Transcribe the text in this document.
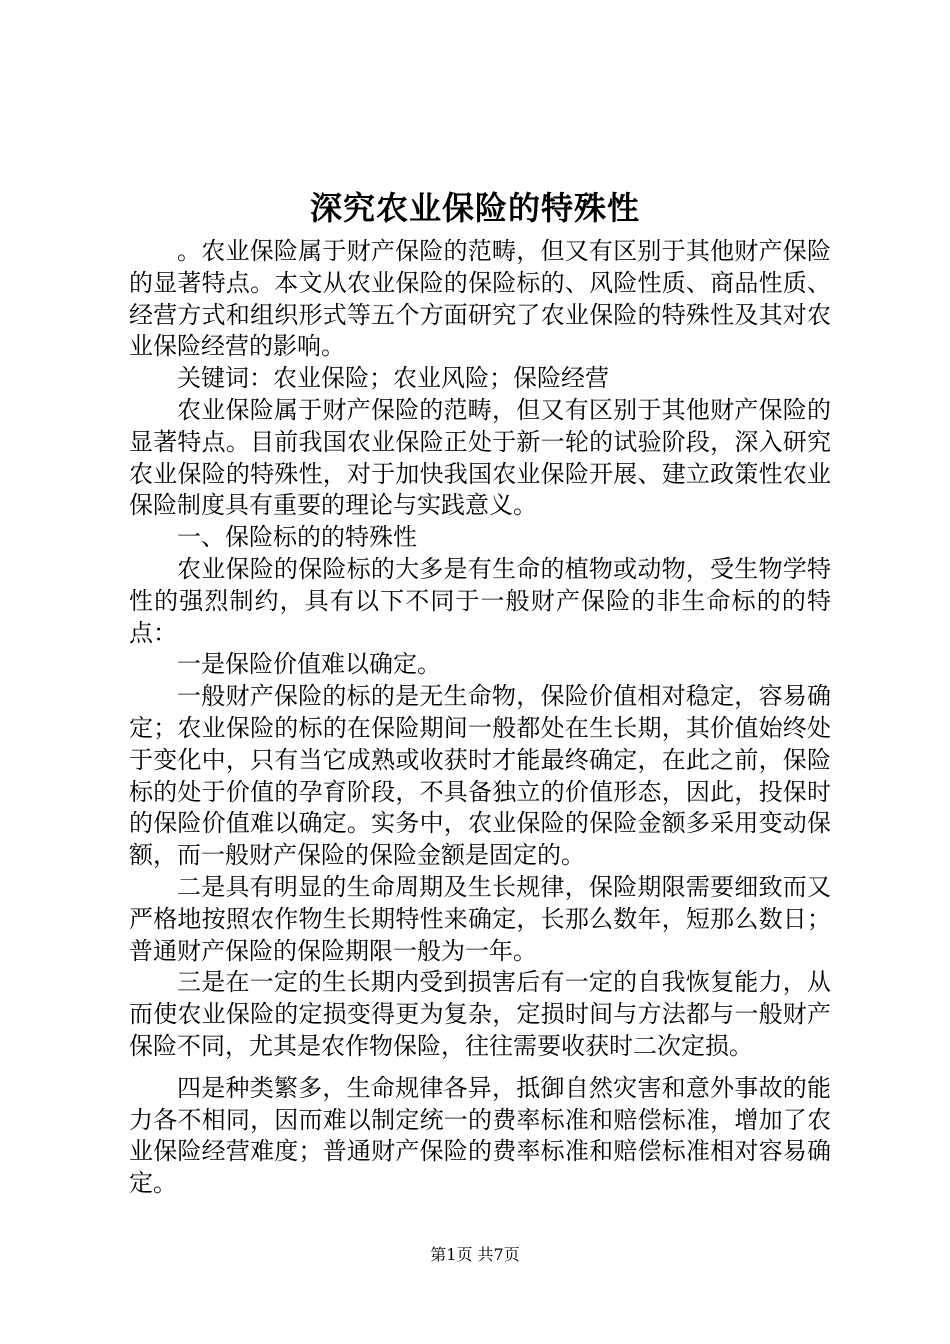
深究农业保险的特殊性

。农业保险属于财产保险的范畴，但又有区别于其他财产保险的显著特点。本文从农业保险的保险标的、风险性质、商品性质、经营方式和组织形式等五个方面研究了农业保险的特殊性及其对农业保险经营的影响。

关键词：农业保险；农业风险；保险经营

农业保险属于财产保险的范畴，但又有区别于其他财产保险的显著特点。目前我国农业保险正处于新一轮的试验阶段，深入研究农业保险的特殊性，对于加快我国农业保险开展、建立政策性农业保险制度具有重要的理论与实践意义。

一、保险标的的特殊性

农业保险的保险标的大多是有生命的植物或动物，受生物学特性的强烈制约，具有以下不同于一般财产保险的非生命标的的特点：

一是保险价值难以确定。

一般财产保险的标的是无生命物，保险价值相对稳定，容易确定；农业保险的标的在保险期间一般都处在生长期，其价值始终处于变化中，只有当它成熟或收获时才能最终确定，在此之前，保险标的处于价值的孕育阶段，不具备独立的价值形态，因此，投保时的保险价值难以确定。实务中，农业保险的保险金额多采用变动保额，而一般财产保险的保险金额是固定的。

二是具有明显的生命周期及生长规律，保险期限需要细致而又严格地按照农作物生长期特性来确定，长那么数年，短那么数日；普通财产保险的保险期限一般为一年。

三是在一定的生长期内受到损害后有一定的自我恢复能力，从而使农业保险的定损变得更为复杂，定损时间与方法都与一般财产保险不同，尤其是农作物保险，往往需要收获时二次定损。

四是种类繁多，生命规律各异，抵御自然灾害和意外事故的能力各不相同，因而难以制定统一的费率标准和赔偿标准，增加了农业保险经营难度；普通财产保险的费率标准和赔偿标准相对容易确定。

第1页 共7页
